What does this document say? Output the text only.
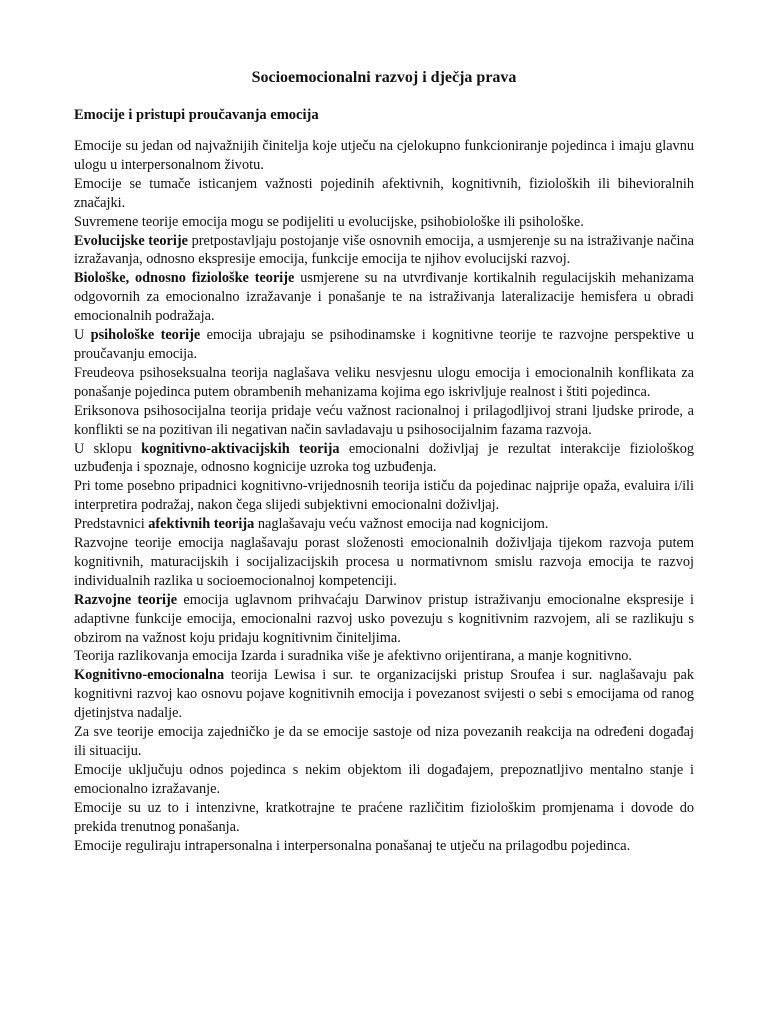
Socioemocionalni razvoj i dječja prava
Emocije i pristupi proučavanja emocija

Emocije su jedan od najvažnijih činitelja koje utječu na cjelokupno funkcioniranje pojedinca i imaju glavnu ulogu u interpersonalnom životu.

Emocije se tumače isticanjem važnosti pojedinih afektivnih, kognitivnih, fizioloških ili bihevioralnih značajki.

Suvremene teorije emocija mogu se podijeliti u evolucijske, psihobiološke ili psihološke.

Evolucijske teorije pretpostavljaju postojanje više osnovnih emocija, a usmjerenje su na istraživanje načina izražavanja, odnosno ekspresije emocija, funkcije emocija te njihov evolucijski razvoj.

Biološke, odnosno fiziološke teorije usmjerene su na utvrđivanje kortikalnih regulacijskih mehanizama odgovornih za emocionalno izražavanje i ponašanje te na istraživanja lateralizacije hemisfera u obradi emocionalnih podražaja.

U psihološke teorije emocija ubrajaju se psihodinamske i kognitivne teorije te razvojne perspektive u proučavanju emocija.

Freudeova psihoseksualna teorija naglašava veliku nesvjesnu ulogu emocija i emocionalnih konflikata za ponašanje pojedinca putem obrambenih mehanizama kojima ego iskrivljuje realnost i štiti pojedinca.

Eriksonova psihosocijalna teorija pridaje veću važnost racionalnoj i prilagodljivoj strani ljudske prirode, a konflikti se na pozitivan ili negativan način savladavaju u psihosocijalnim fazama razvoja.

U sklopu kognitivno-aktivacijskih teorija emocionalni doživljaj je rezultat interakcije fiziološkog uzbuđenja i spoznaje, odnosno kognicije uzroka tog uzbuđenja.

Pri tome posebno pripadnici kognitivno-vrijednosnih teorija ističu da pojedinac najprije opaža, evaluira i/ili interpretira podražaj, nakon čega slijedi subjektivni emocionalni doživljaj.

Predstavnici afektivnih teorija naglašavaju veću važnost emocija nad kognicijom.

Razvojne teorije emocija naglašavaju porast složenosti emocionalnih doživljaja tijekom razvoja putem kognitivnih, maturacijskih i socijalizacijskih procesa u normativnom smislu razvoja emocija te razvoj individualnih razlika u socioemocionalnoj kompetenciji.

Razvojne teorije emocija uglavnom prihvaćaju Darwinov pristup istraživanju emocionalne ekspresije i adaptivne funkcije emocija, emocionalni razvoj usko povezuju s kognitivnim razvojem, ali se razlikuju s obzirom na važnost koju pridaju kognitivnim činiteljima.

Teorija razlikovanja emocija Izarda i suradnika više je afektivno orijentirana, a manje kognitivno.

Kognitivno-emocionalna teorija Lewisa i sur. te organizacijski pristup Sroufea i sur. naglašavaju pak kognitivni razvoj kao osnovu pojave kognitivnih emocija i povezanost svijesti o sebi s emocijama od ranog djetinjstva nadalje.

Za sve teorije emocija zajedničko je da se emocije sastoje od niza povezanih reakcija na određeni događaj ili situaciju.

Emocije uključuju odnos pojedinca s nekim objektom ili događajem, prepoznatljivo mentalno stanje i emocionalno izražavanje.

Emocije su uz to i intenzivne, kratkotrajne te praćene različitim fiziološkim promjenama i dovode do prekida trenutnog ponašanja.

Emocije reguliraju intrapersonalna i interpersonalna ponašanaj te utječu na prilagodbu pojedinca.
